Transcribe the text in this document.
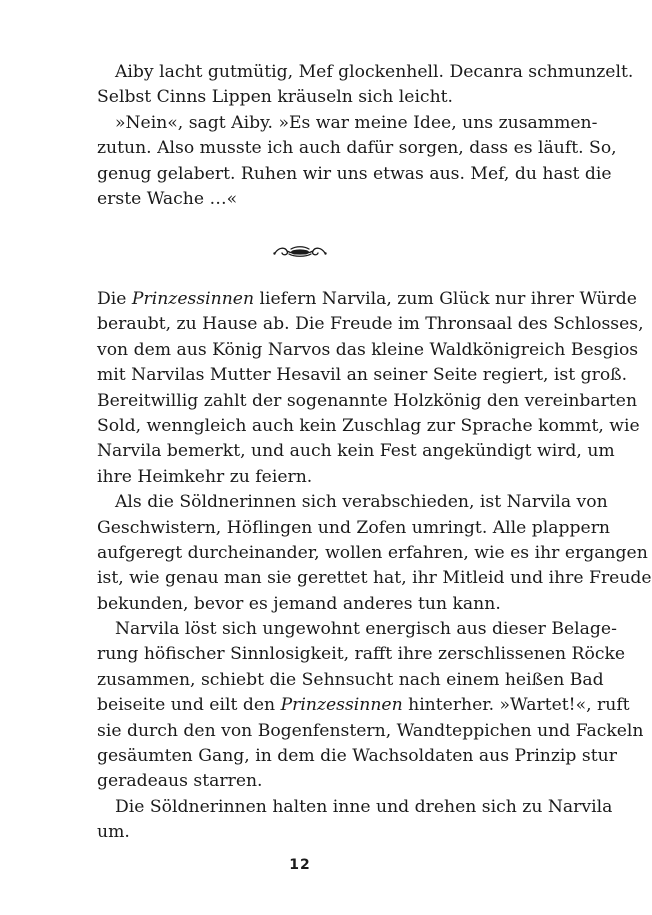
Aiby lacht gutmütig, Mef glockenhell. Decanra schmunzelt.
Selbst Cinns Lippen kräuseln sich leicht.
»Nein«, sagt Aiby. »Es war meine Idee, uns zusammen-
zutun. Also musste ich auch dafür sorgen, dass es läuft. So,
genug gelabert. Ruhen wir uns etwas aus. Mef, du hast die
erste Wache …«
Die Prinzessinnen liefern Narvila, zum Glück nur ihrer Würde
beraubt, zu Hause ab. Die Freude im Thronsaal des Schlosses,
von dem aus König Narvos das kleine Waldkönigreich Besgios
mit Narvilas Mutter Hesavil an seiner Seite regiert, ist groß.
Bereitwillig zahlt der sogenannte Holzkönig den vereinbarten
Sold, wenngleich auch kein Zuschlag zur Sprache kommt, wie
Narvila bemerkt, und auch kein Fest angekündigt wird, um
ihre Heimkehr zu feiern.
Als die Söldnerinnen sich verabschieden, ist Narvila von
Geschwistern, Höflingen und Zofen umringt. Alle plappern
aufgeregt durcheinander, wollen erfahren, wie es ihr ergangen
ist, wie genau man sie gerettet hat, ihr Mitleid und ihre Freude
bekunden, bevor es jemand anderes tun kann.
Narvila löst sich ungewohnt energisch aus dieser Belage-
rung höfischer Sinnlosigkeit, rafft ihre zerschlissenen Röcke
zusammen, schiebt die Sehnsucht nach einem heißen Bad
beiseite und eilt den Prinzessinnen hinterher. »Wartet!«, ruft
sie durch den von Bogenfenstern, Wandteppichen und Fackeln
gesäumten Gang, in dem die Wachsoldaten aus Prinzip stur
geradeaus starren.
Die Söldnerinnen halten inne und drehen sich zu Narvila
um.
12
